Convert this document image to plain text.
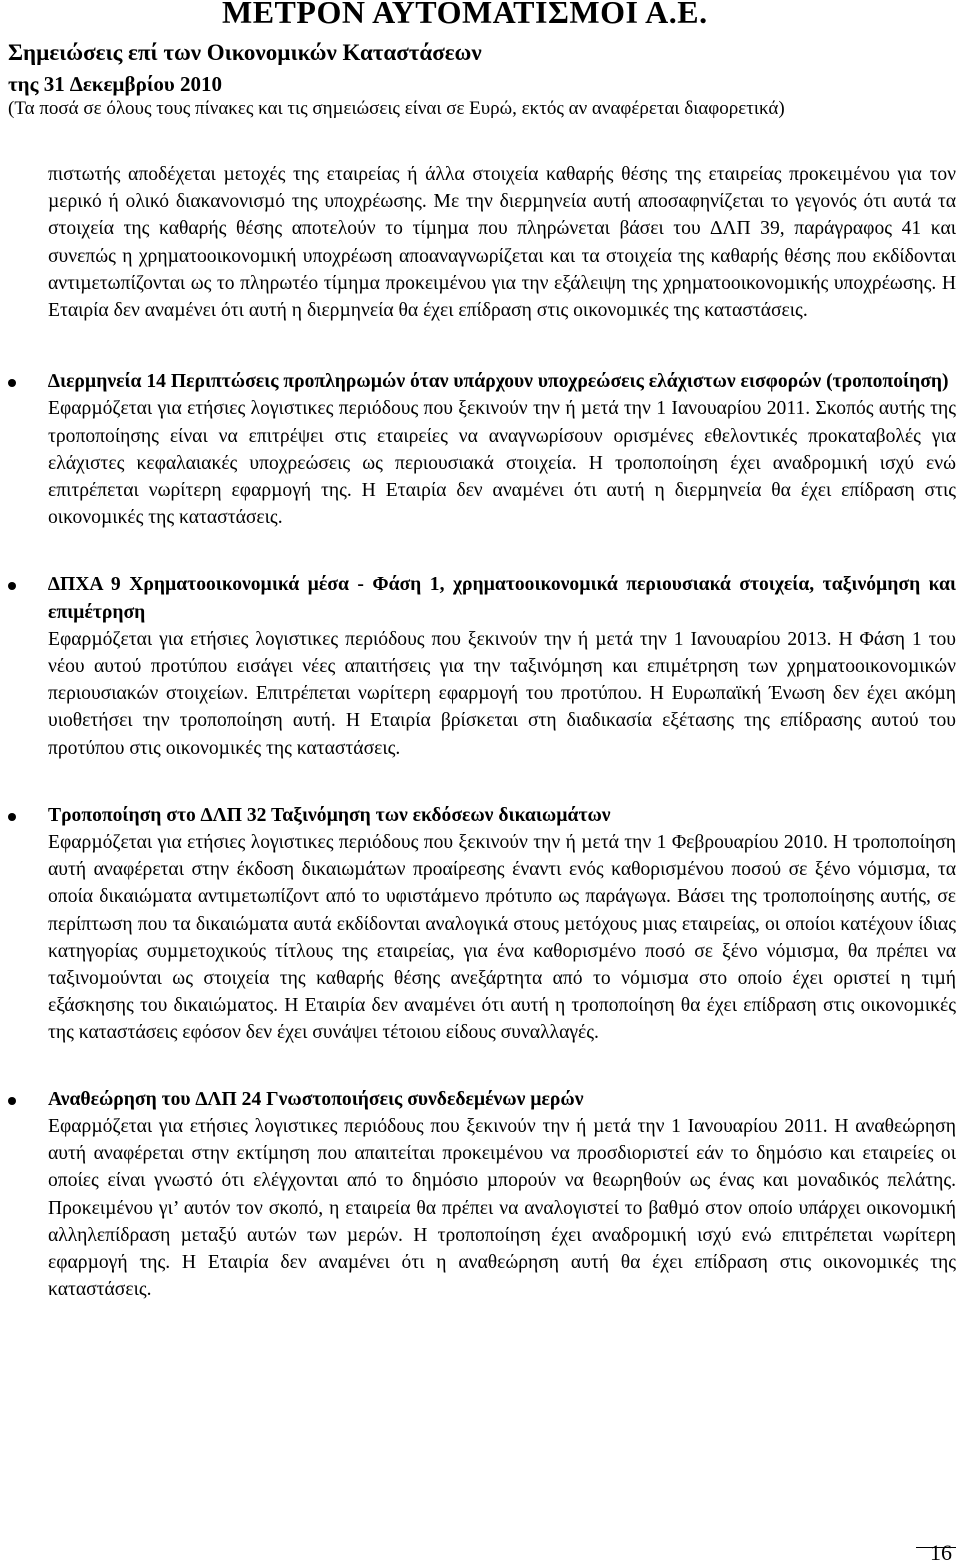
ΜΕΤΡΟΝ ΑΥΤΟΜΑΤΙΣΜΟΙ Α.Ε.
Σηµειώσεις επί των Οικονοµικών Καταστάσεων
της 31 ∆εκεµβρίου 2010
(Τα ποσά σε όλους τους πίνακες και τις σηµειώσεις είναι σε Ευρώ, εκτός αν αναφέρεται διαφορετικά)

πιστωτής αποδέχεται µετοχές της εταιρείας ή άλλα στοιχεία καθαρής θέσης της εταιρείας προκειµένου για τον µερικό ή ολικό διακανονισµό της υποχρέωσης. Με την διερµηνεία αυτή αποσαφηνίζεται το γεγονός ότι αυτά τα στοιχεία της καθαρής θέσης αποτελούν το τίµηµα που πληρώνεται βάσει του ∆ΛΠ 39, παράγραφος 41 και συνεπώς η χρηµατοοικονοµική υποχρέωση αποαναγνωρίζεται και τα στοιχεία της καθαρής θέσης που εκδίδονται αντιµετωπίζονται ως το πληρωτέο τίµηµα προκειµένου για την εξάλειψη της χρηµατοοικονοµικής υποχρέωσης. Η Εταιρία δεν αναµένει ότι αυτή η διερµηνεία θα έχει επίδραση στις οικονοµικές της καταστάσεις.

∆ιερµηνεία 14 Περιπτώσεις προπληρωµών όταν υπάρχουν υποχρεώσεις ελάχιστων εισφορών (τροποποίηση)

Εφαρµόζεται για ετήσιες λογιστικες περιόδους που ξεκινούν την ή µετά την 1 Ιανουαρίου 2011. Σκοπός αυτής της τροποποίησης είναι να επιτρέψει στις εταιρείες να αναγνωρίσουν ορισµένες εθελοντικές προκαταβολές για ελάχιστες κεφαλαιακές υποχρεώσεις ως περιουσιακά στοιχεία. Η τροποποίηση έχει αναδροµική ισχύ ενώ επιτρέπεται νωρίτερη εφαρµογή της. Η Εταιρία δεν αναµένει ότι αυτή η διερµηνεία θα έχει επίδραση στις οικονοµικές της καταστάσεις.

∆ΠΧΑ 9 Χρηµατοοικονοµικά µέσα - Φάση 1, χρηµατοοικονοµικά περιουσιακά στοιχεία, ταξινόµηση και επιµέτρηση

Εφαρµόζεται για ετήσιες λογιστικες περιόδους που ξεκινούν την ή µετά την 1 Ιανουαρίου 2013. Η Φάση 1 του νέου αυτού προτύπου εισάγει νέες απαιτήσεις για την ταξινόµηση και επιµέτρηση των χρηµατοοικονοµικών περιουσιακών στοιχείων. Επιτρέπεται νωρίτερη εφαρµογή του προτύπου. Η Ευρωπαϊκή Ένωση δεν έχει ακόµη υιοθετήσει την τροποποίηση αυτή. Η Εταιρία βρίσκεται στη διαδικασία εξέτασης της επίδρασης αυτού του προτύπου στις οικονοµικές της καταστάσεις.

Τροποποίηση στο ∆ΛΠ 32 Ταξινόµηση των εκδόσεων δικαιωµάτων

Εφαρµόζεται για ετήσιες λογιστικες περιόδους που ξεκινούν την ή µετά την 1 Φεβρουαρίου 2010. Η τροποποίηση αυτή αναφέρεται στην έκδοση δικαιωµάτων προαίρεσης έναντι ενός καθορισµένου ποσού σε ξένο νόµισµα, τα οποία δικαιώµατα αντιµετωπίζοντ από το υφιστάµενο πρότυπο ως παράγωγα. Βάσει της τροποποίησης αυτής, σε περίπτωση που τα δικαιώµατα αυτά εκδίδονται αναλογικά στους µετόχους µιας εταιρείας, οι οποίοι κατέχουν ίδιας κατηγορίας συµµετοχικούς τίτλους της εταιρείας, για ένα καθορισµένο ποσό σε ξένο νόµισµα, θα πρέπει να ταξινοµούνται ως στοιχεία της καθαρής θέσης ανεξάρτητα από το νόµισµα στο οποίο έχει οριστεί η τιµή εξάσκησης του δικαιώµατος. Η Εταιρία δεν αναµένει ότι αυτή η τροποποίηση θα έχει επίδραση στις οικονοµικές της καταστάσεις εφόσον δεν έχει συνάψει τέτοιου είδους συναλλαγές.

Αναθεώρηση του ∆ΛΠ 24 Γνωστοποιήσεις συνδεδεµένων µερών

Εφαρµόζεται για ετήσιες λογιστικες περιόδους που ξεκινούν την ή µετά την 1 Ιανουαρίου 2011. Η αναθεώρηση αυτή αναφέρεται στην εκτίµηση που απαιτείται προκειµένου να προσδιοριστεί εάν το δηµόσιο και εταιρείες οι οποίες είναι γνωστό ότι ελέγχονται από το δηµόσιο µπορούν να θεωρηθούν ως ένας και µοναδικός πελάτης. Προκειµένου γι’ αυτόν τον σκοπό, η εταιρεία θα πρέπει να αναλογιστεί το βαθµό στον οποίο υπάρχει οικονοµική αλληλεπίδραση µεταξύ αυτών των µερών. Η τροποποίηση έχει αναδροµική ισχύ ενώ επιτρέπεται νωρίτερη εφαρµογή της. Η Εταιρία δεν αναµένει ότι η αναθεώρηση αυτή θα έχει επίδραση στις οικονοµικές της καταστάσεις.

16
